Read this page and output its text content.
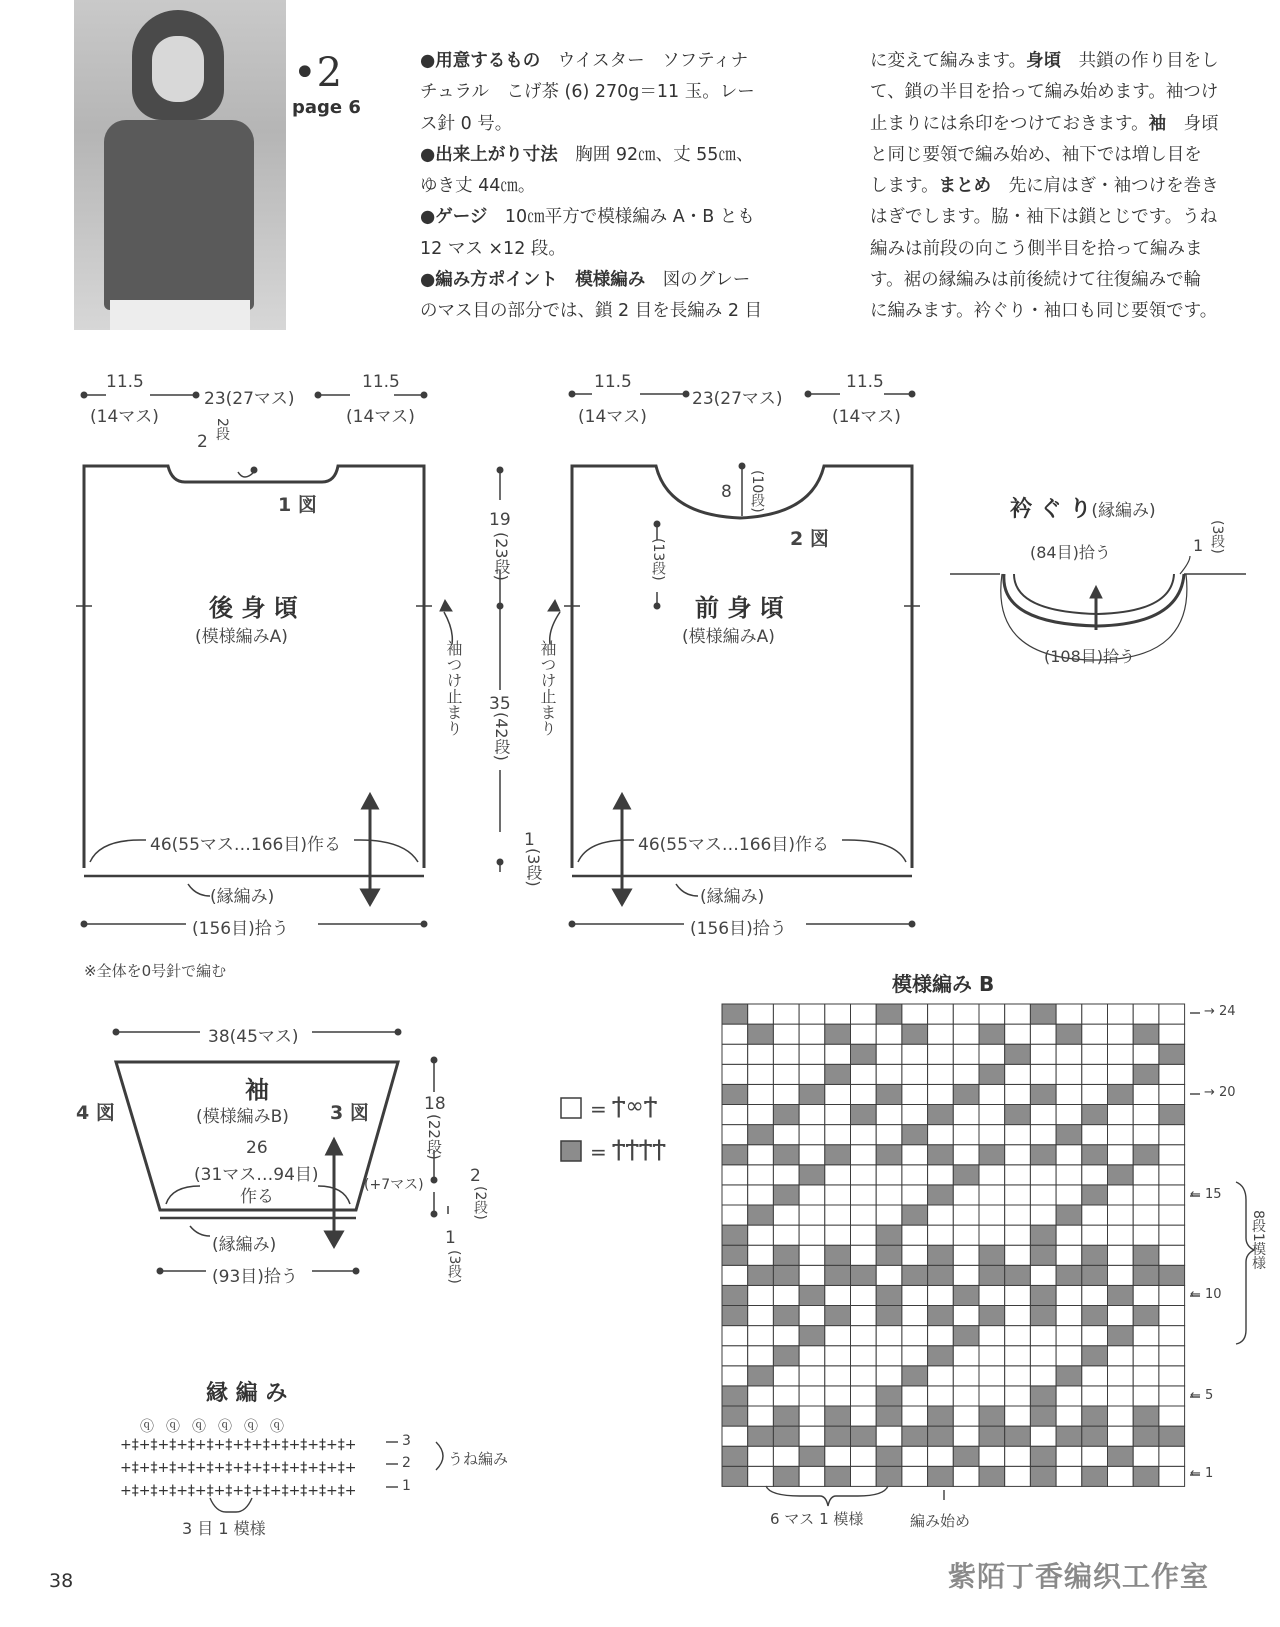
•2
page 6
●用意するもの　 ウイスター　ソフティナ
チュラル　こげ茶 (6) 270g＝11 玉。レー
ス針 0 号。
●出来上がり寸法　 胸囲 92㎝、丈 55㎝、
ゆき丈 44㎝。
●ゲージ　 10㎝平方で模様編み A・B とも
12 マス ×12 段。
●編み方ポイント　 模様編み　 図のグレー
のマス目の部分では、鎖 2 目を長編み 2 目
に変えて編みます。身頃　共鎖の作り目をし
て、鎖の半目を拾って編み始めます。袖つけ
止まりには糸印をつけておきます。袖　身頃
と同じ要領で編み始め、袖下では増し目を
します。まとめ　先に肩はぎ・袖つけを巻き
はぎでします。脇・袖下は鎖とじです。うね
編みは前段の向こう側半目を拾って編みま
す。裾の縁編みは前後続けて往復編みで輪
に編みます。衿ぐり・袖口も同じ要領です。
11.5
(14マス)
23(27マス)
11.5
(14マス)
2
2段
1 図
後 身 頃
(模様編みA)
袖つけ止まり
46(55マス…166目)作る
(縁編み)
(156目)拾う
19
(23段)
35
(42段)
1
(3段)
11.5
(14マス)
23(27マス)
11.5
(14マス)
8 (10段)
(13段)	2 図
前 身 頃
(模様編みA)
袖つけ止まり
46(55マス…166目)作る
(縁編み)
(156目)拾う
衿 ぐ り(縁編み)
(84目)拾う
(108目)拾う
1 (3段)
※全体を0号針で編む
38(45マス)
袖
(模様編みB)
4 図	3 図
26
(31マス…94目)
作る
(縁編み)
(93目)拾う
18
(22段)
(+7マス)	2
(2段)
1
(3段)
= Ϯ∞Ϯ
= ϮϮϮϮ
縁 編 み
ⓠⓠⓠⓠⓠⓠ
+‡+‡+‡+‡+‡+‡+‡+‡+‡+‡+‡+‡+
+‡+‡+‡+‡+‡+‡+‡+‡+‡+‡+‡+‡+
+‡+‡+‡+‡+‡+‡+‡+‡+‡+‡+‡+‡+
3
2
1
うね編み
3 目 1 模様
模様編み B
→ 24
→ 20
← 15
← 10
← 5
← 1
8段1模様
6 マス 1 模様	編み始め
38	紫陌丁香编织工作室
